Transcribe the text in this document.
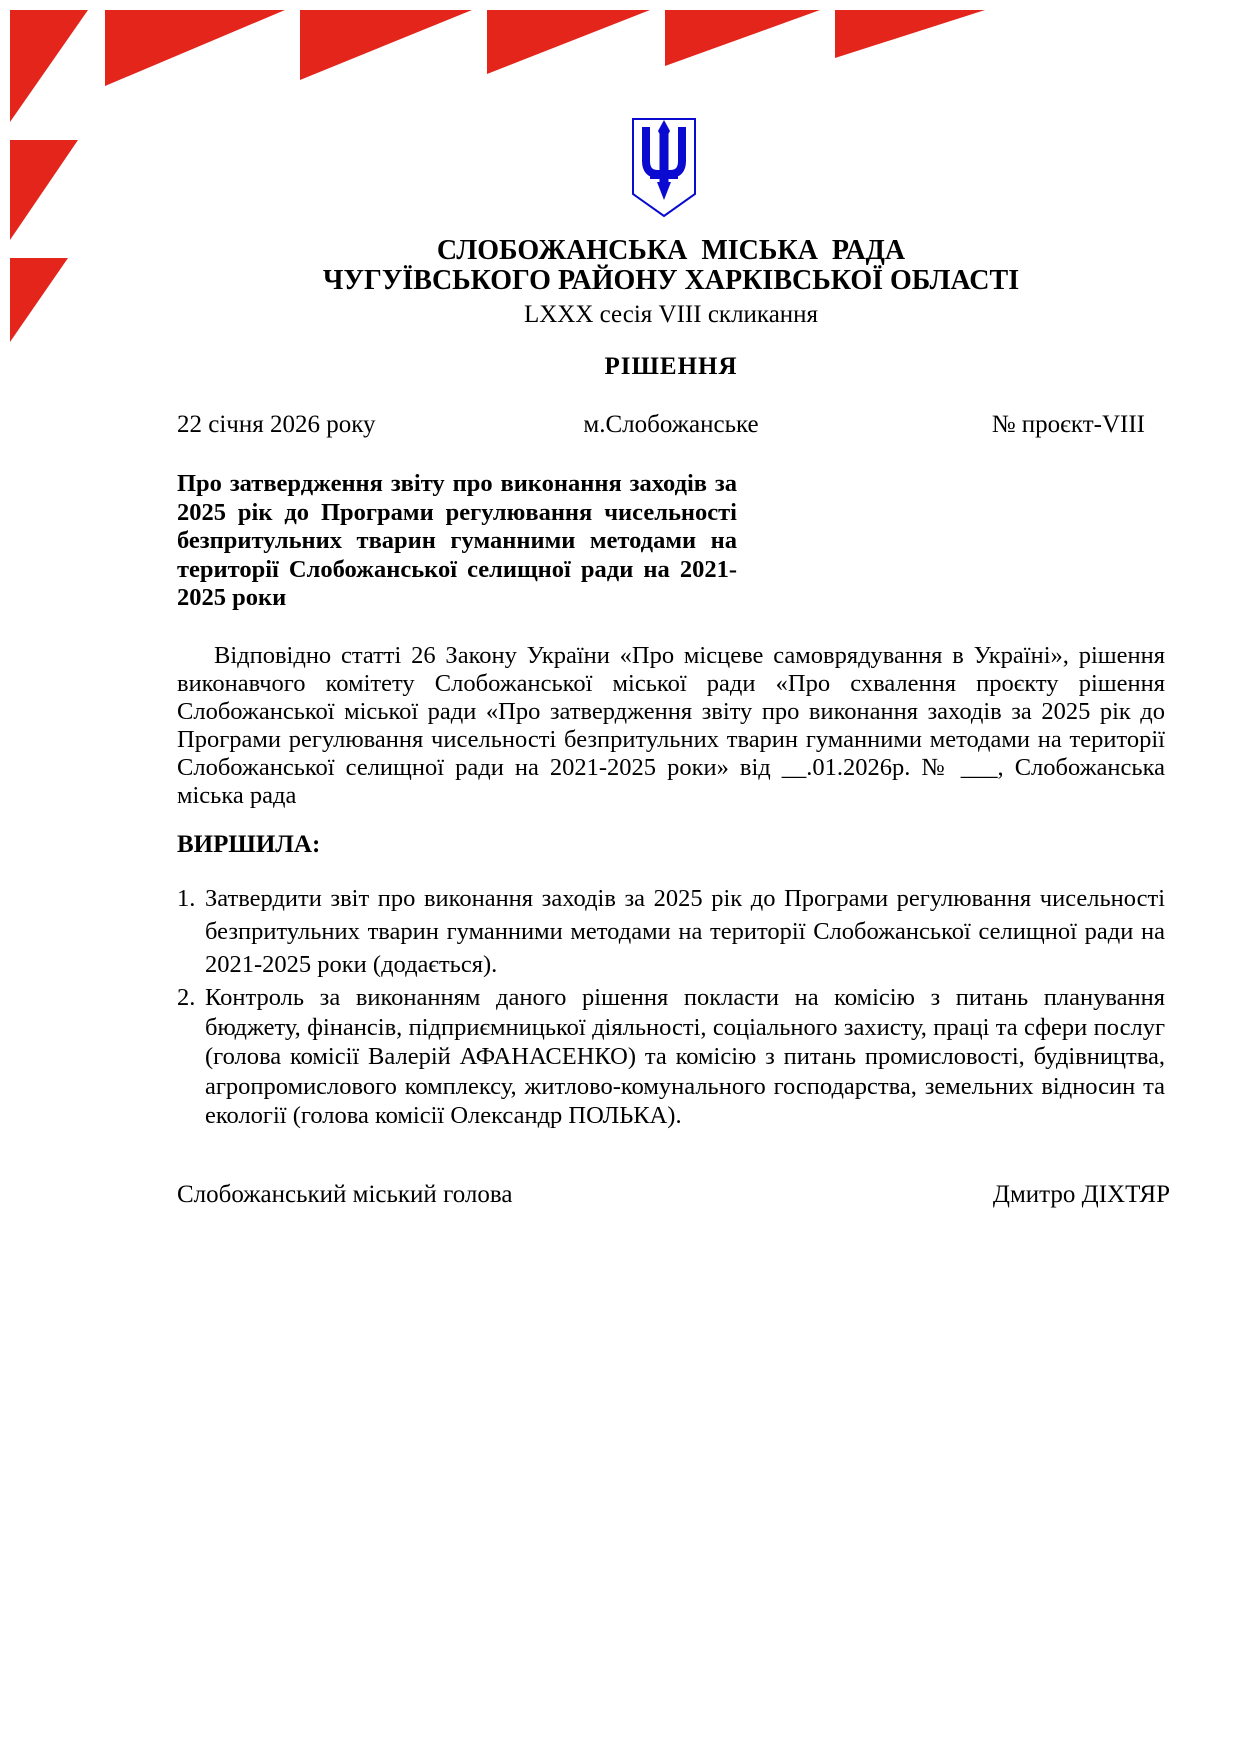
СЛОБОЖАНСЬКА МІСЬКА РАДА
ЧУГУЇВСЬКОГО РАЙОНУ ХАРКІВСЬКОЇ ОБЛАСТІ
LXXX сесія VIII скликання
РІШЕННЯ
22 січня 2026 року	м.Слобожанське	№ проєкт-VIII
Про затвердження звіту про виконання заходів за 2025 рік до Програми регулювання чисельності безпритульних тварин гуманними методами на території Слобожанської селищної ради на 2021-2025 роки
Відповідно статті 26 Закону України «Про місцеве самоврядування в Україні», рішення виконавчого комітету Слобожанської міської ради «Про схвалення проєкту рішення Слобожанської міської ради «Про затвердження звіту про виконання заходів за 2025 рік до Програми регулювання чисельності безпритульних тварин гуманними методами на території Слобожанської селищної ради на 2021-2025 роки» від __.01.2026р. № ___, Слобожанська міська рада
ВИРШИЛА:
1. Затвердити звіт про виконання заходів за 2025 рік до Програми регулювання чисельності безпритульних тварин гуманними методами на території Слобожанської селищної ради на 2021-2025 роки (додається).
2. Контроль за виконанням даного рішення покласти на комісію з питань планування бюджету, фінансів, підприємницької діяльності, соціального захисту, праці та сфери послуг (голова комісії Валерій АФАНАСЕНКО) та комісію з питань промисловості, будівництва, агропромислового комплексу, житлово-комунального господарства, земельних відносин та екології (голова комісії Олександр ПОЛЬКА).
Слобожанський міський голова	Дмитро ДІХТЯР
